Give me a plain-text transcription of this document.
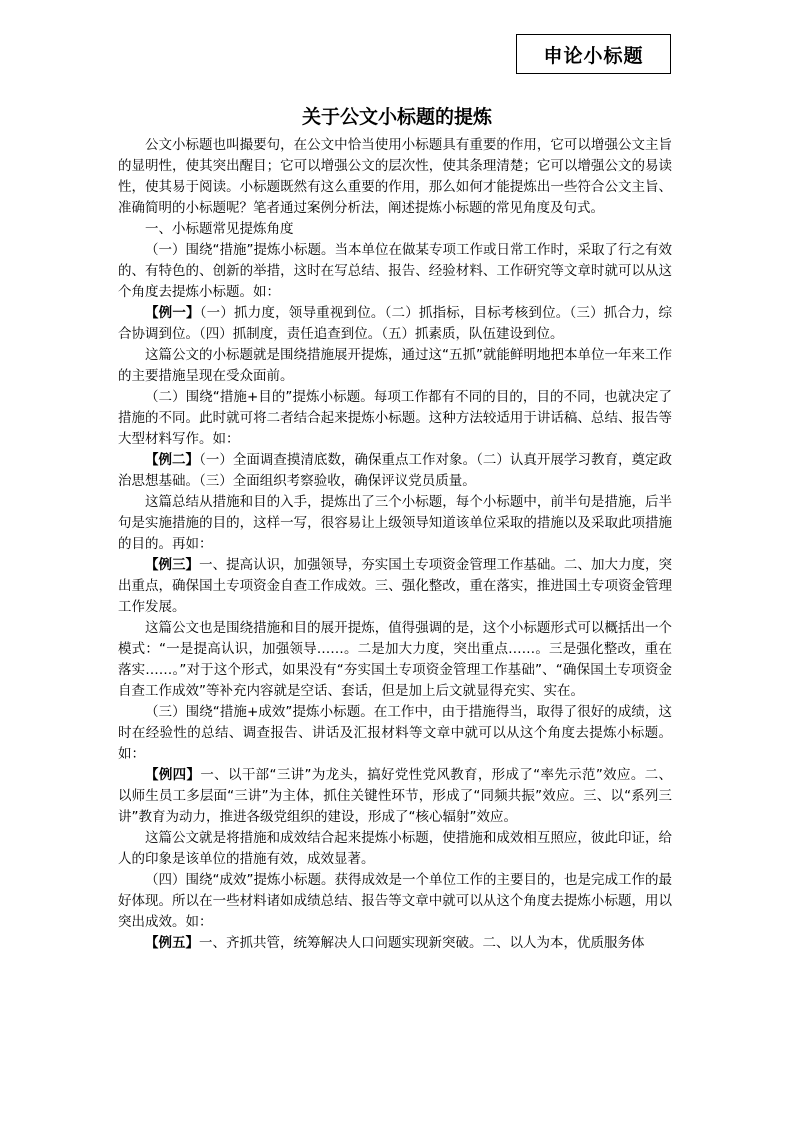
申论小标题
关于公文小标题的提炼

公文小标题也叫撮要句，在公文中恰当使用小标题具有重要的作用，它可以增强公文主旨的显明性，使其突出醒目；它可以增强公文的层次性，使其条理清楚；它可以增强公文的易读性，使其易于阅读。小标题既然有这么重要的作用，那么如何才能提炼出一些符合公文主旨、准确简明的小标题呢？笔者通过案例分析法，阐述提炼小标题的常见角度及句式。

一、小标题常见提炼角度

（一）围绕“措施”提炼小标题。当本单位在做某专项工作或日常工作时，采取了行之有效的、有特色的、创新的举措，这时在写总结、报告、经验材料、工作研究等文章时就可以从这个角度去提炼小标题。如：

【例一】（一）抓力度，领导重视到位。（二）抓指标，目标考核到位。（三）抓合力，综合协调到位。（四）抓制度，责任追查到位。（五）抓素质，队伍建设到位。

这篇公文的小标题就是围绕措施展开提炼，通过这“五抓”就能鲜明地把本单位一年来工作的主要措施呈现在受众面前。

（二）围绕“措施+目的”提炼小标题。每项工作都有不同的目的，目的不同，也就决定了措施的不同。此时就可将二者结合起来提炼小标题。这种方法较适用于讲话稿、总结、报告等大型材料写作。如：

【例二】（一）全面调查摸清底数，确保重点工作对象。（二）认真开展学习教育，奠定政治思想基础。（三）全面组织考察验收，确保评议党员质量。

这篇总结从措施和目的入手，提炼出了三个小标题，每个小标题中，前半句是措施，后半句是实施措施的目的，这样一写，很容易让上级领导知道该单位采取的措施以及采取此项措施的目的。再如：

【例三】一、提高认识，加强领导，夯实国土专项资金管理工作基础。二、加大力度，突出重点，确保国土专项资金自查工作成效。三、强化整改，重在落实，推进国土专项资金管理工作发展。

这篇公文也是围绕措施和目的展开提炼，值得强调的是，这个小标题形式可以概括出一个模式：“一是提高认识，加强领导……。二是加大力度，突出重点……。三是强化整改，重在落实……。”对于这个形式，如果没有“夯实国土专项资金管理工作基础”、“确保国土专项资金自查工作成效”等补充内容就是空话、套话，但是加上后文就显得充实、实在。

（三）围绕“措施+成效”提炼小标题。在工作中，由于措施得当，取得了很好的成绩，这时在经验性的总结、调查报告、讲话及汇报材料等文章中就可以从这个角度去提炼小标题。如：

【例四】一、以干部“三讲”为龙头，搞好党性党风教育，形成了“率先示范”效应。二、以师生员工多层面“三讲”为主体，抓住关键性环节，形成了“同频共振”效应。三、以“系列三讲”教育为动力，推进各级党组织的建设，形成了“核心辐射”效应。

这篇公文就是将措施和成效结合起来提炼小标题，使措施和成效相互照应，彼此印证，给人的印象是该单位的措施有效，成效显著。

（四）围绕“成效”提炼小标题。获得成效是一个单位工作的主要目的，也是完成工作的最好体现。所以在一些材料诸如成绩总结、报告等文章中就可以从这个角度去提炼小标题，用以突出成效。如：

【例五】一、齐抓共管，统筹解决人口问题实现新突破。二、以人为本，优质服务体
